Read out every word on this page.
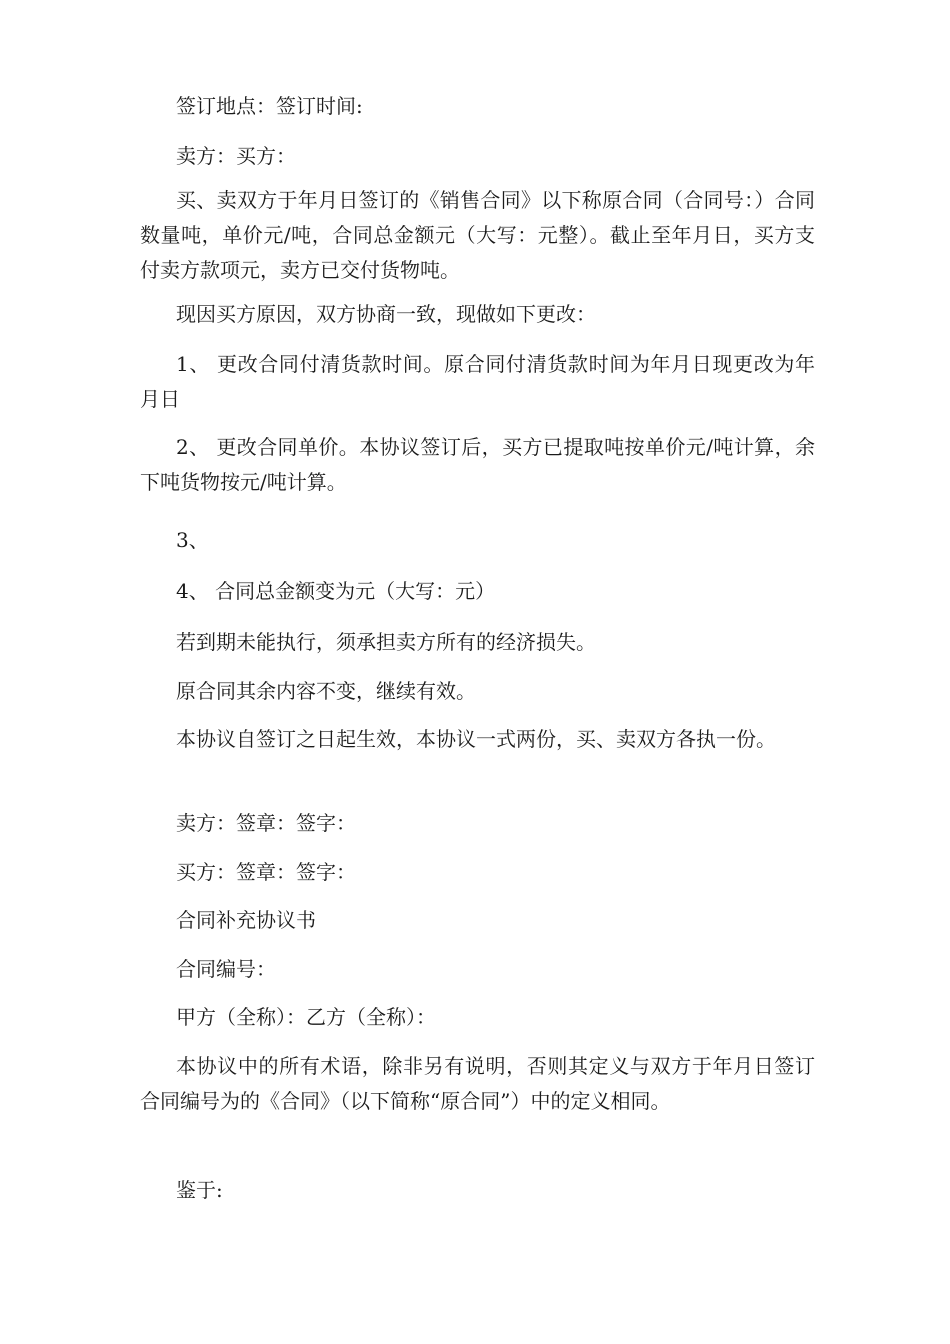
签订地点：签订时间:

卖方：买方：

买、卖双方于年月日签订的《销售合同》以下称原合同（合同号：）合同数量吨，单价元/吨，合同总金额元（大写：元整）。截止至年月日，买方支付卖方款项元，卖方已交付货物吨。

现因买方原因，双方协商一致，现做如下更改：

1、 更改合同付清货款时间。原合同付清货款时间为年月日现更改为年月日

2、 更改合同单价。本协议签订后，买方已提取吨按单价元/吨计算，余下吨货物按元/吨计算。

3、

4、 合同总金额变为元（大写：元）

若到期未能执行，须承担卖方所有的经济损失。

原合同其余内容不变，继续有效。

本协议自签订之日起生效，本协议一式两份，买、卖双方各执一份。

卖方：签章：签字：

买方：签章：签字：

合同补充协议书

合同编号：

甲方（全称）：乙方（全称）：

本协议中的所有术语，除非另有说明，否则其定义与双方于年月日签订合同编号为的《合同》（以下简称“原合同”）中的定义相同。

鉴于:
